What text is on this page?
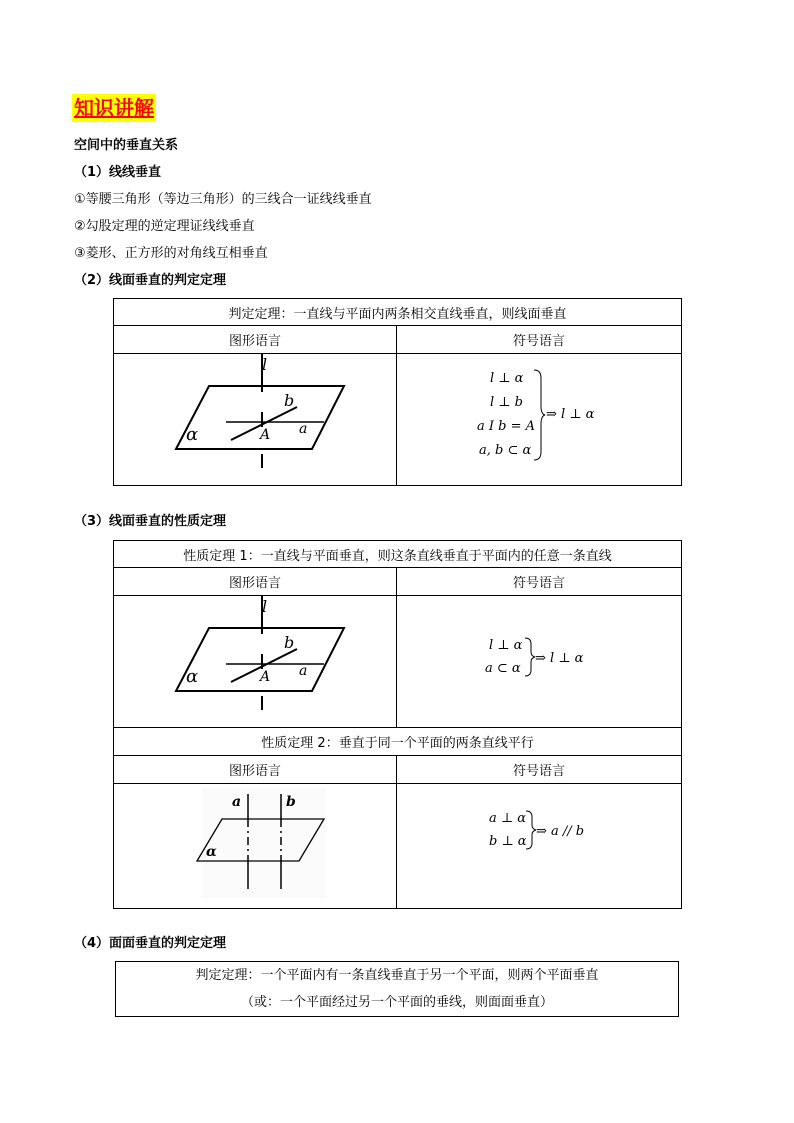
知识讲解
空间中的垂直关系
（1）线线垂直
①等腰三角形（等边三角形）的三线合一证线线垂直
②勾股定理的逆定理证线线垂直
③菱形、正方形的对角线互相垂直
（2）线面垂直的判定定理
判定定理：一直线与平面内两条相交直线垂直，则线面垂直	
图形语言	符号语言

l
b
A a
α	l ⊥ α
l ⊥ b
a I b = A
a, b ⊂ α
⇒ l ⊥ α
（3）线面垂直的性质定理
性质定理 1：一直线与平面垂直，则这条直线垂直于平面内的任意一条直线	
图形语言	符号语言

l
b
A a
α	l ⊥ α
a ⊂ α
⇒ l ⊥ α

性质定理 2：垂直于同一个平面的两条直线平行	
图形语言	符号语言

a b
α	a ⊥ α
b ⊥ α
⇒ a // b
（4）面面垂直的判定定理
判定定理：一个平面内有一条直线垂直于另一个平面，则两个平面垂直
（或：一个平面经过另一个平面的垂线，则面面垂直）
